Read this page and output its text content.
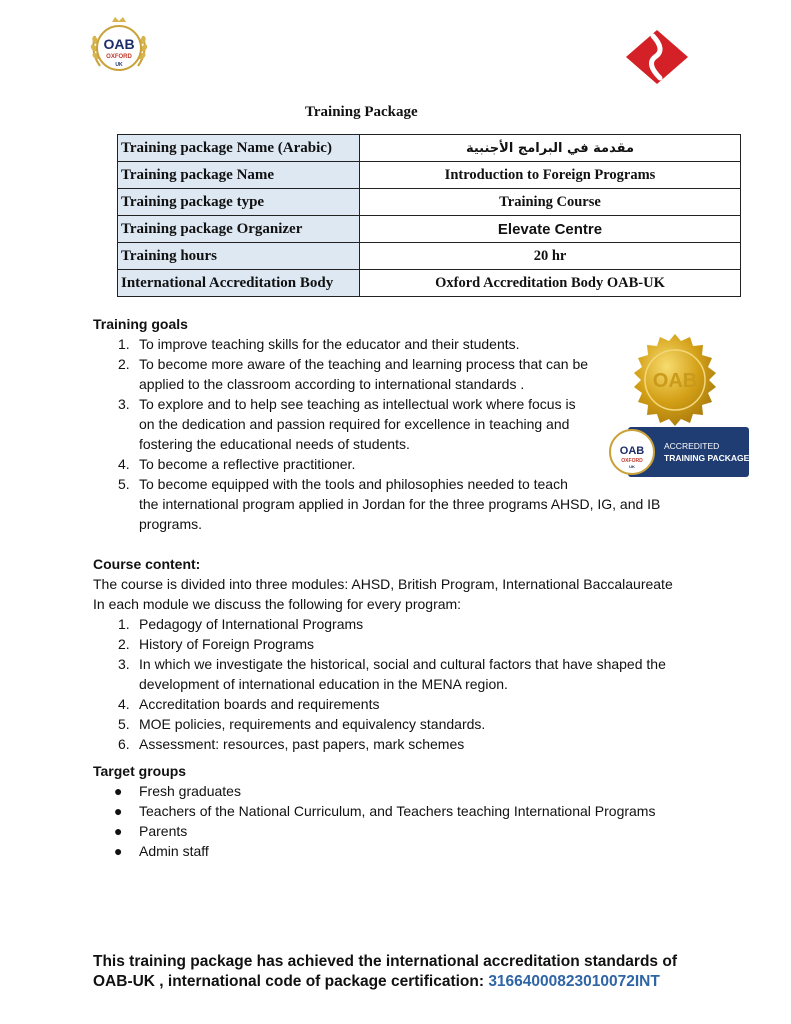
OAB
OXFORD
UK
Training Package
Training package Name (Arabic)	مقدمة في البرامج الأجنبية
Training package Name	Introduction to Foreign Programs
Training package type	Training Course
Training package Organizer	Elevate Centre
Training hours	20 hr
International Accreditation Body	Oxford Accreditation Body OAB-UK
Training goals
1. To improve teaching skills for the educator and their students.
2. To become more aware of the teaching and learning process that can be
applied to the classroom according to international standards .
3. To explore and to help see teaching as intellectual work where focus is
on the dedication and passion required for excellence in teaching and
fostering the educational needs of students.
4. To become a reflective practitioner.
5. To become equipped with the tools and philosophies needed to teach
the international program applied in Jordan for the three programs AHSD, IG, and IB
programs.
OAB
OAB
OXFORD
UK
ACCREDITED
TRAINING PACKAGE
Course content:
The course is divided into three modules: AHSD, British Program, International Baccalaureate
In each module we discuss the following for every program:
1. Pedagogy of International Programs
2. History of Foreign Programs
3. In which we investigate the historical, social and cultural factors that have shaped the
development of international education in the MENA region.
4. Accreditation boards and requirements
5. MOE policies, requirements and equivalency standards.
6. Assessment: resources, past papers, mark schemes
Target groups
● Fresh graduates
● Teachers of the National Curriculum, and Teachers teaching International Programs
● Parents
● Admin staff
This training package has achieved the international accreditation standards of OAB-UK , international code of package certification: 31664000823010072INT
